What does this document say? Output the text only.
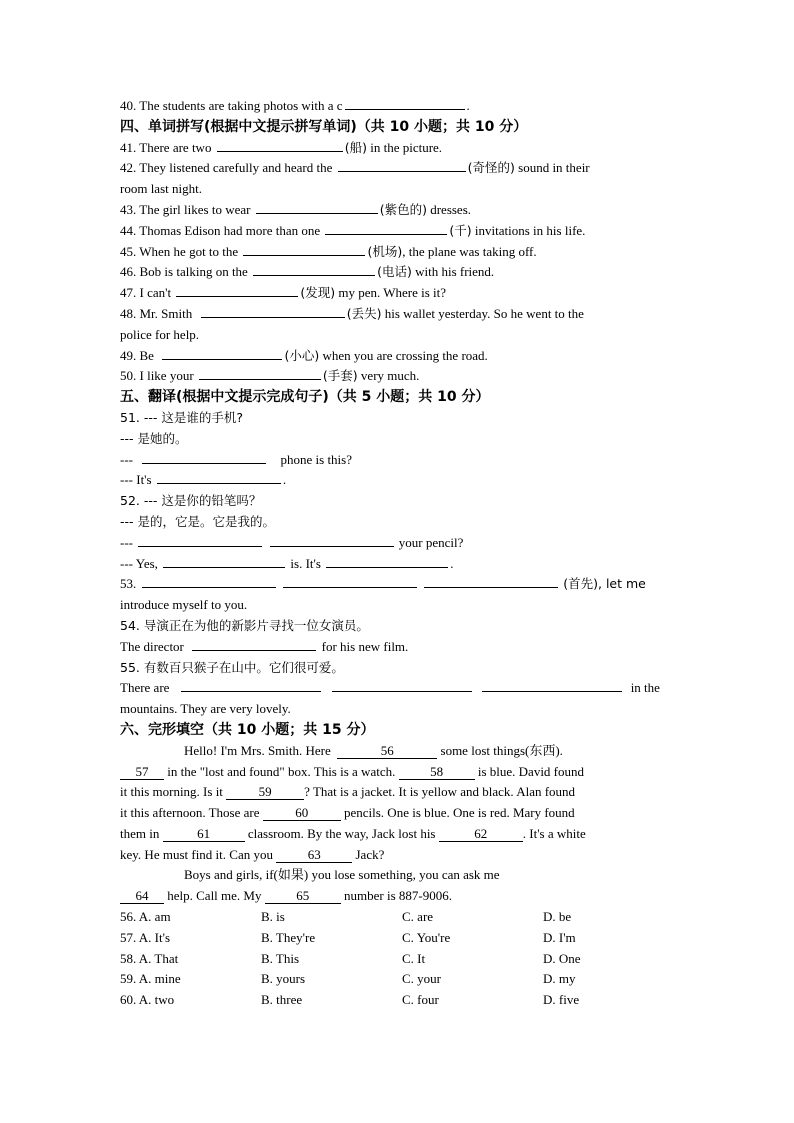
40. The students are taking photos with a c	.
四、单词拼写(根据中文提示拼写单词)（共 10 小题；共 10 分）
41. There are two	(船) in the picture.
42. They listened carefully and heard the	(奇怪的) sound in their
room last night.
43. The girl likes to wear	(紫色的) dresses.
44. Thomas Edison had more than one	(千) invitations in his life.
45. When he got to the	(机场), the plane was taking off.
46. Bob is talking on the	(电话) with his friend.
47. I can't	(发现) my pen. Where is it?
48. Mr. Smith	(丢失) his wallet yesterday. So he went to the
police for help.
49. Be	(小心) when you are crossing the road.
50. I like your	(手套) very much.
五、翻译(根据中文提示完成句子)（共 5 小题；共 10 分）
51. --- 这是谁的手机?
--- 是她的。
---	phone is this?
--- It's	.
52. --- 这是你的铅笔吗？
--- 是的，它是。它是我的。
---	your pencil?
--- Yes,	is. It's	.
53.	(首先), let me
introduce myself to you.
54. 导演正在为他的新影片寻找一位女演员。
The director	for his new film.
55. 有数百只猴子在山中。它们很可爱。
There are	in the
mountains. They are very lovely.
六、完形填空（共 10 小题；共 15 分）
Hello! I'm Mrs. Smith. Here	56	some lost things(东西).
57 in the "lost and found" box. This is a watch.	58	is blue. David found
it this morning. Is it	59	? That is a jacket. It is yellow and black. Alan found
it this afternoon. Those are	60	pencils. One is blue. One is red. Mary found
them in	61	classroom. By the way, Jack lost his	62	. It's a white
key. He must find it. Can you	63	Jack?
Boys and girls, if(如果) you lose something, you can ask me
64 help. Call me. My	65	number is 887-9006.
56. A. am	B. is	C. are	D. be
57. A. It's	B. They're	C. You're	D. I'm
58. A. That	B. This	C. It	D. One
59. A. mine	B. yours	C. your	D. my
60. A. two	B. three	C. four	D. five
